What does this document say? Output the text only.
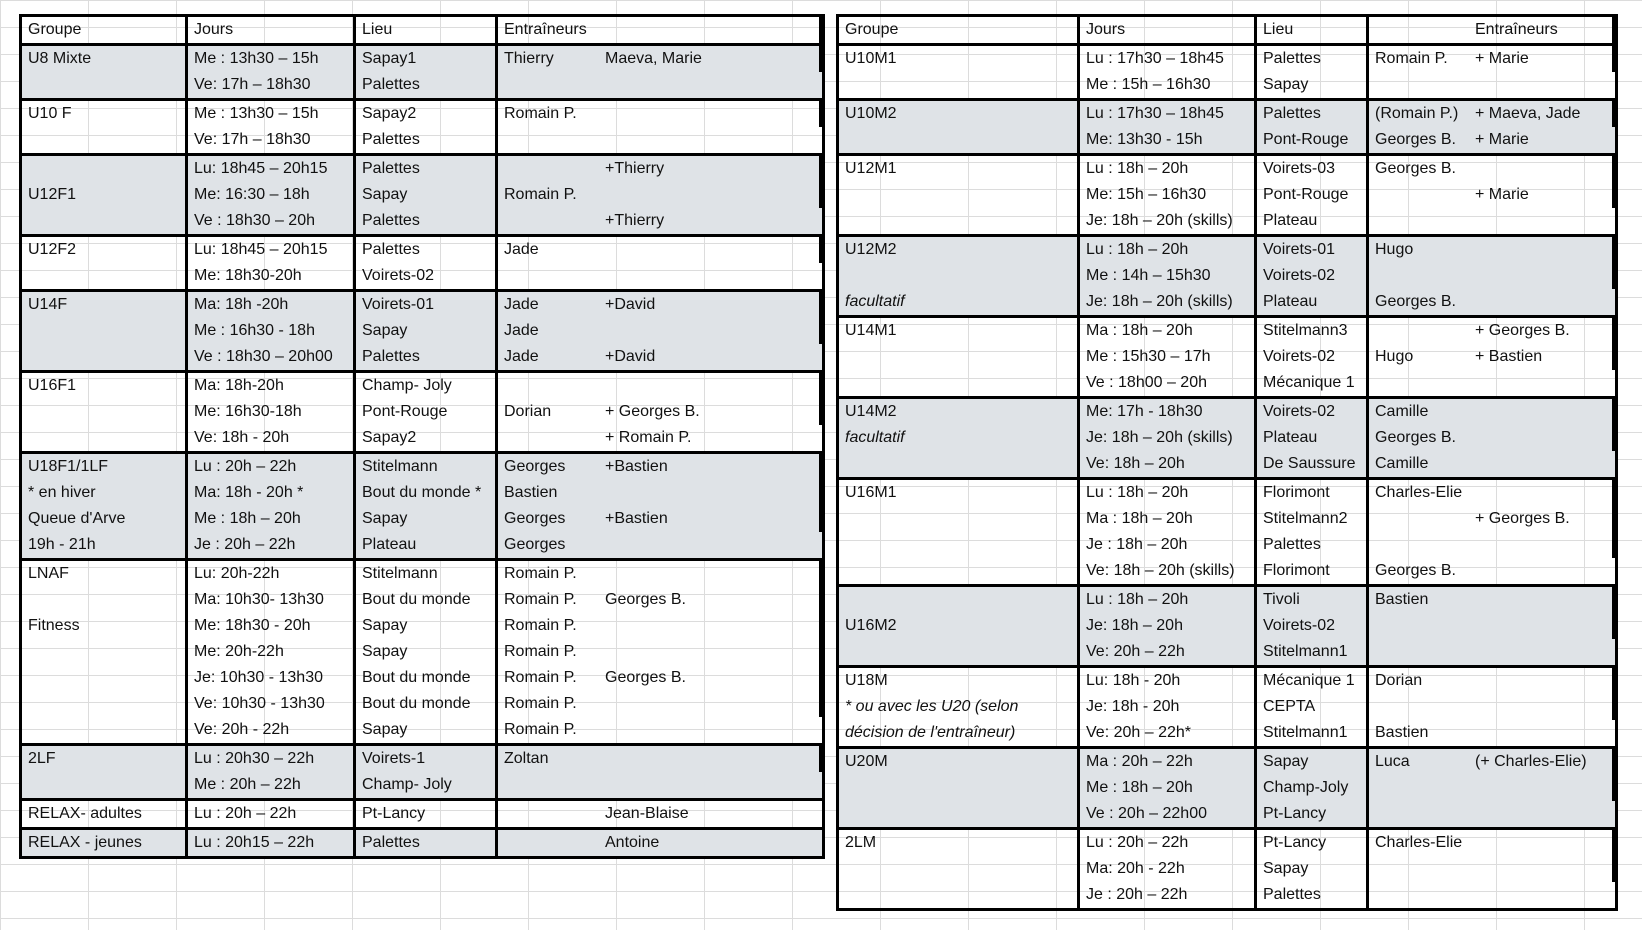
Groupe	Jours	Lieu	Entraîneurs
U8 Mixte	Me : 13h30 – 15h	Sapay1	Thierry	Maeva, Marie
Ve: 17h – 18h30	Palettes
U10 F	Me : 13h30 – 15h	Sapay2	Romain P.
Ve: 17h – 18h30	Palettes
Lu: 18h45 – 20h15	Palettes	+Thierry
U12F1	Me: 16:30 – 18h	Sapay	Romain P.
Ve : 18h30 – 20h	Palettes	+Thierry
U12F2	Lu: 18h45 – 20h15	Palettes	Jade
Me: 18h30-20h	Voirets-02
U14F	Ma: 18h -20h	Voirets-01	Jade	+David
Me : 16h30 - 18h	Sapay	Jade
Ve : 18h30 – 20h00	Palettes	Jade	+David
U16F1	Ma: 18h-20h	Champ- Joly
Me: 16h30-18h	Pont-Rouge	Dorian	+ Georges B.
Ve: 18h - 20h	Sapay2	+ Romain P.
U18F1/1LF	Lu : 20h – 22h	Stitelmann	Georges	+Bastien
* en hiver	Ma: 18h - 20h *	Bout du monde *	Bastien
Queue d'Arve	Me : 18h – 20h	Sapay	Georges	+Bastien
19h - 21h	Je : 20h – 22h	Plateau	Georges
LNAF	Lu: 20h-22h	Stitelmann	Romain P.
Ma: 10h30- 13h30	Bout du monde	Romain P.	Georges B.
Fitness	Me: 18h30 - 20h	Sapay	Romain P.
Me: 20h-22h	Sapay	Romain P.
Je: 10h30 - 13h30	Bout du monde	Romain P.	Georges B.
Ve: 10h30 - 13h30	Bout du monde	Romain P.
Ve: 20h - 22h	Sapay	Romain P.
2LF	Lu : 20h30 – 22h	Voirets-1	Zoltan
Me : 20h – 22h	Champ- Joly
RELAX- adultes	Lu : 20h – 22h	Pt-Lancy	Jean-Blaise
RELAX - jeunes	Lu : 20h15 – 22h	Palettes	Antoine
Groupe	Jours	Lieu	Entraîneurs
U10M1	Lu : 17h30 – 18h45	Palettes	Romain P.	+ Marie
Me : 15h – 16h30	Sapay
U10M2	Lu : 17h30 – 18h45	Palettes	(Romain P.)	+ Maeva, Jade
Me: 13h30 - 15h	Pont-Rouge	Georges B.	+ Marie
U12M1	Lu : 18h – 20h	Voirets-03	Georges B.
Me: 15h – 16h30	Pont-Rouge	+ Marie
Je: 18h – 20h (skills)	Plateau
U12M2	Lu : 18h – 20h	Voirets-01	Hugo
Me : 14h – 15h30	Voirets-02
facultatif	Je: 18h – 20h (skills)	Plateau	Georges B.
U14M1	Ma : 18h – 20h	Stitelmann3	+ Georges B.
Me : 15h30 – 17h	Voirets-02	Hugo	+ Bastien
Ve : 18h00 – 20h	Mécanique 1
U14M2	Me: 17h - 18h30	Voirets-02	Camille
facultatif	Je: 18h – 20h (skills)	Plateau	Georges B.
Ve: 18h – 20h	De Saussure	Camille
U16M1	Lu : 18h – 20h	Florimont	Charles-Elie
Ma : 18h – 20h	Stitelmann2	+ Georges B.
Je : 18h – 20h	Palettes
Ve: 18h – 20h (skills)	Florimont	Georges B.
Lu : 18h – 20h	Tivoli	Bastien
U16M2	Je: 18h – 20h	Voirets-02
Ve: 20h – 22h	Stitelmann1
U18M	Lu: 18h - 20h	Mécanique 1	Dorian
* ou avec les U20 (selon	Je: 18h - 20h	CEPTA
décision de l'entraîneur)	Ve: 20h – 22h*	Stitelmann1	Bastien
U20M	Ma : 20h – 22h	Sapay	Luca	(+ Charles-Elie)
Me : 18h – 20h	Champ-Joly
Ve : 20h – 22h00	Pt-Lancy
2LM	Lu : 20h – 22h	Pt-Lancy	Charles-Elie
Ma: 20h - 22h	Sapay
Je : 20h – 22h	Palettes
